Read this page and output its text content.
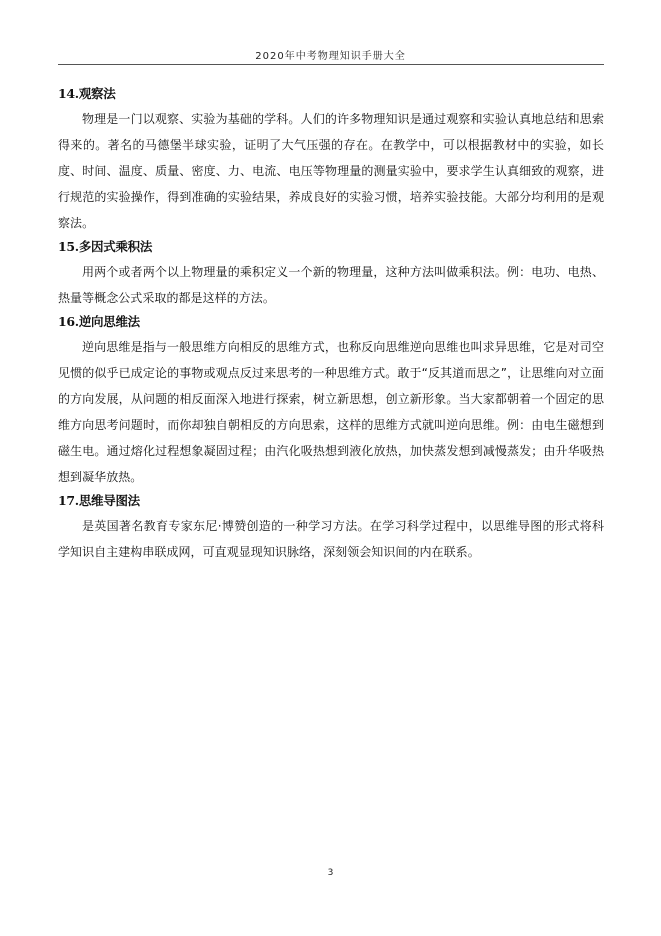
2020年中考物理知识手册大全
14.观察法

物理是一门以观察、实验为基础的学科。人们的许多物理知识是通过观察和实验认真地总结和思索得来的。著名的马德堡半球实验，证明了大气压强的存在。在教学中，可以根据教材中的实验，如长度、时间、温度、质量、密度、力、电流、电压等物理量的测量实验中，要求学生认真细致的观察，进行规范的实验操作，得到准确的实验结果，养成良好的实验习惯，培养实验技能。大部分均利用的是观察法。

15.多因式乘积法

用两个或者两个以上物理量的乘积定义一个新的物理量，这种方法叫做乘积法。例：电功、电热、热量等概念公式采取的都是这样的方法。

16.逆向思维法

逆向思维是指与一般思维方向相反的思维方式，也称反向思维逆向思维也叫求异思维，它是对司空见惯的似乎已成定论的事物或观点反过来思考的一种思维方式。敢于“反其道而思之”，让思维向对立面的方向发展，从问题的相反面深入地进行探索，树立新思想，创立新形象。当大家都朝着一个固定的思维方向思考问题时，而你却独自朝相反的方向思索，这样的思维方式就叫逆向思维。例：由电生磁想到磁生电。通过熔化过程想象凝固过程；由汽化吸热想到液化放热，加快蒸发想到减慢蒸发；由升华吸热想到凝华放热。

17.思维导图法

是英国著名教育专家东尼·博赞创造的一种学习方法。在学习科学过程中，以思维导图的形式将科学知识自主建构串联成网，可直观显现知识脉络，深刻领会知识间的内在联系。

3
